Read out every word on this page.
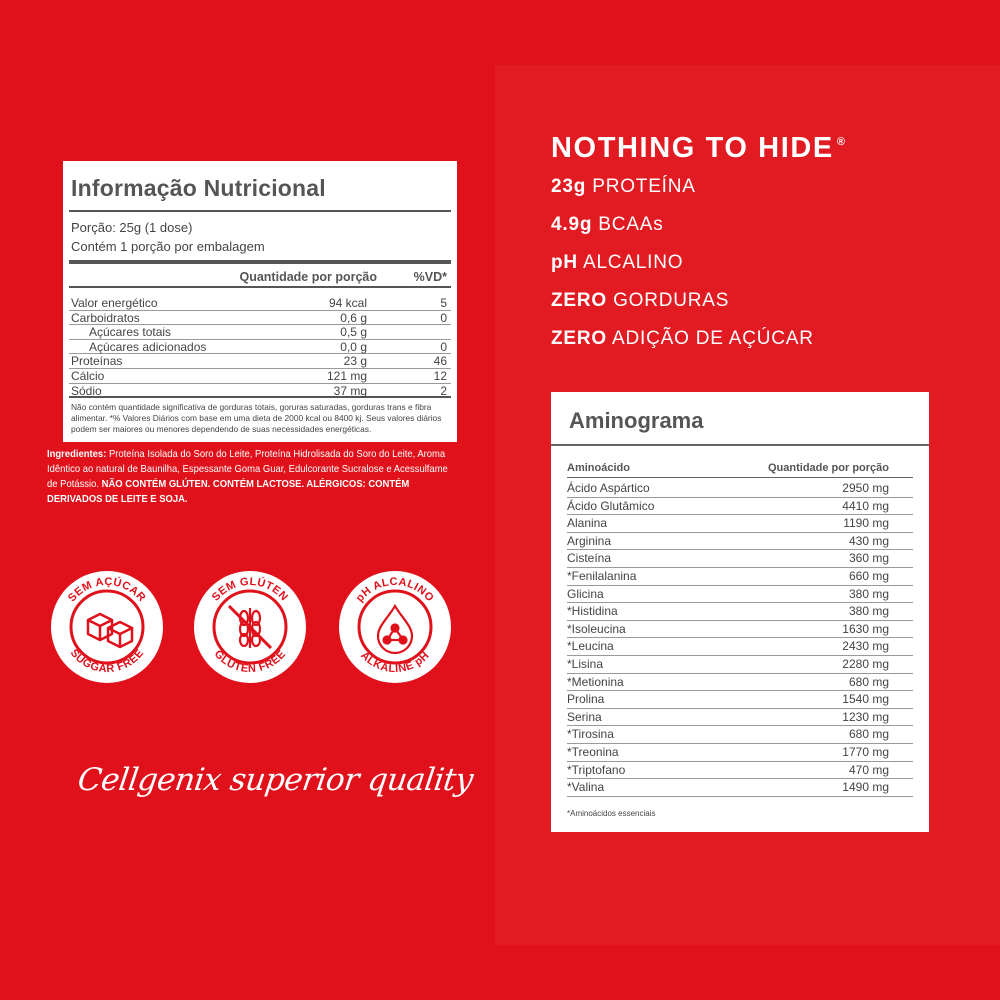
Informação Nutricional
Porção: 25g (1 dose)
Contém 1 porção por embalagem
Quantidade por porção	%VD*
Valor energético	94 kcal	5
Carboidratos	0,6 g	0
Açúcares totais	0,5 g
Açúcares adicionados	0,0 g	0
Proteínas	23 g	46
Cálcio	121 mg	12
Sódio	37 mg	2
Não contém quantidade significativa de gorduras totais, goruras saturadas, gorduras trans e fibra alimentar. *% Valores Diários com base em uma dieta de 2000 kcal ou 8400 kj. Seus valores diários podem ser maiores ou menores dependendo de suas necessidades energéticas.
Ingredientes: Proteína Isolada do Soro do Leite, Proteína Hidrolisada do Soro do Leite, Aroma Idêntico ao natural de Baunilha, Espessante Goma Guar, Edulcorante Sucralose e Acessulfame de Potássio. NÃO CONTÉM GLÚTEN. CONTÉM LACTOSE. ALÉRGICOS: CONTÉM DERIVADOS DE LEITE E SOJA.
SEM AÇÚCAR
SUGGAR FREE
SEM GLÚTEN
GLUTEN FREE
pH ALCALINO
ALKALINE pH
Cellgenix superior quality
NOTHING TO HIDE ®
23g PROTEÍNA
4.9g BCAAs
pH ALCALINO
ZERO GORDURAS
ZERO ADIÇÃO DE AÇÚCAR
Aminograma
Aminoácido	Quantidade por porção
Ácido Aspártico	2950 mg
Ácido Glutâmico	4410 mg
Alanina	1190 mg
Arginina	430 mg
Cisteína	360 mg
*Fenilalanina	660 mg
Glicina	380 mg
*Histidina	380 mg
*Isoleucina	1630 mg
*Leucina	2430 mg
*Lisina	2280 mg
*Metionina	680 mg
Prolina	1540 mg
Serina	1230 mg
*Tirosina	680 mg
*Treonina	1770 mg
*Triptofano	470 mg
*Valina	1490 mg
*Aminoácidos essenciais
